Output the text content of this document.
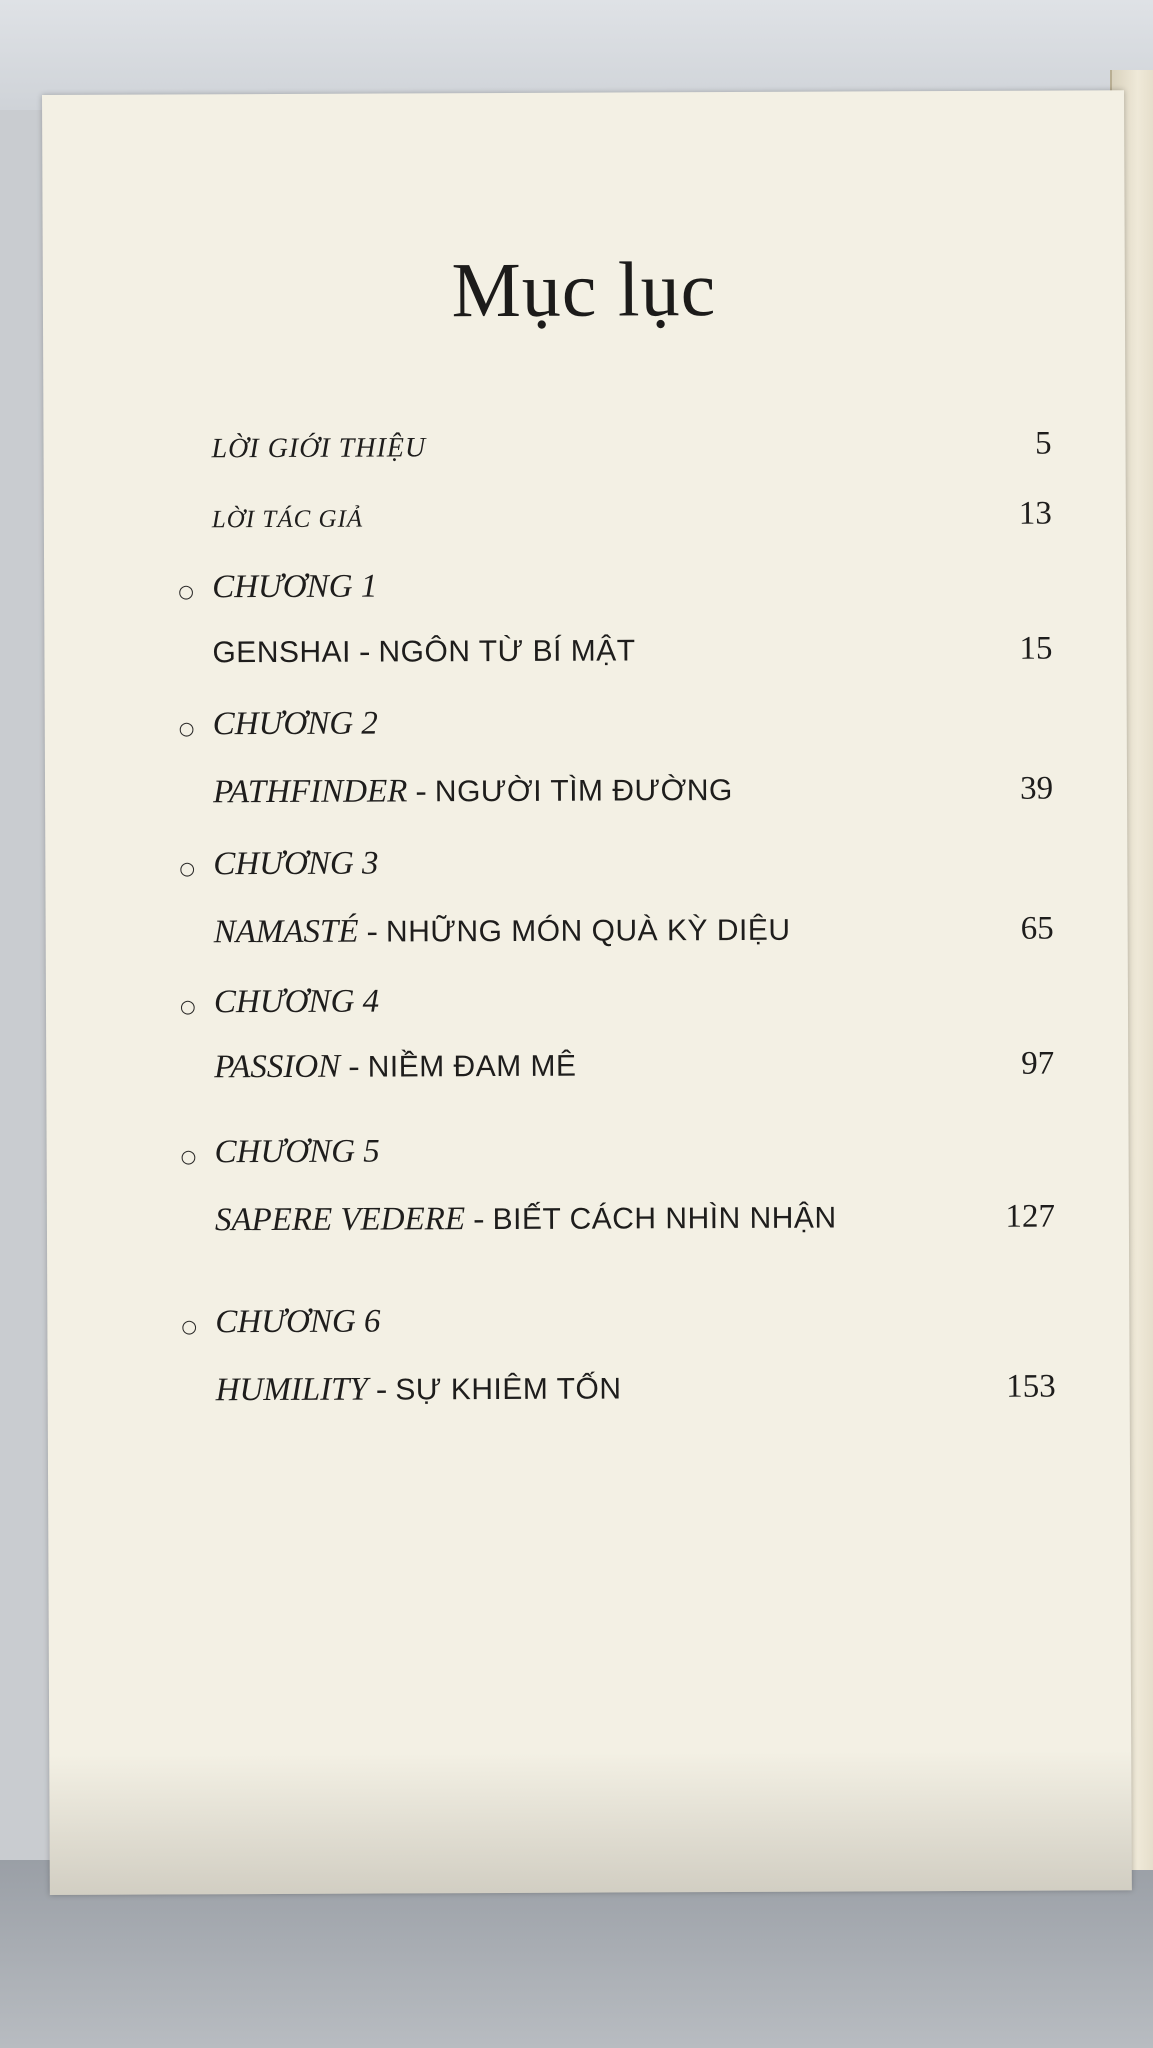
Mục lục
LỜI GIỚI THIỆU	5
LỜI TÁC GIẢ	13
○ CHƯƠNG 1
GENSHAI - NGÔN TỪ BÍ MẬT	15
○ CHƯƠNG 2
PATHFINDER - NGƯỜI TÌM ĐƯỜNG	39
○ CHƯƠNG 3
NAMASTÉ - NHỮNG MÓN QUÀ KỲ DIỆU	65
○ CHƯƠNG 4
PASSION - NIỀM ĐAM MÊ	97
○ CHƯƠNG 5
SAPERE VEDERE - BIẾT CÁCH NHÌN NHẬN	127
○ CHƯƠNG 6
HUMILITY - SỰ KHIÊM TỐN	153
